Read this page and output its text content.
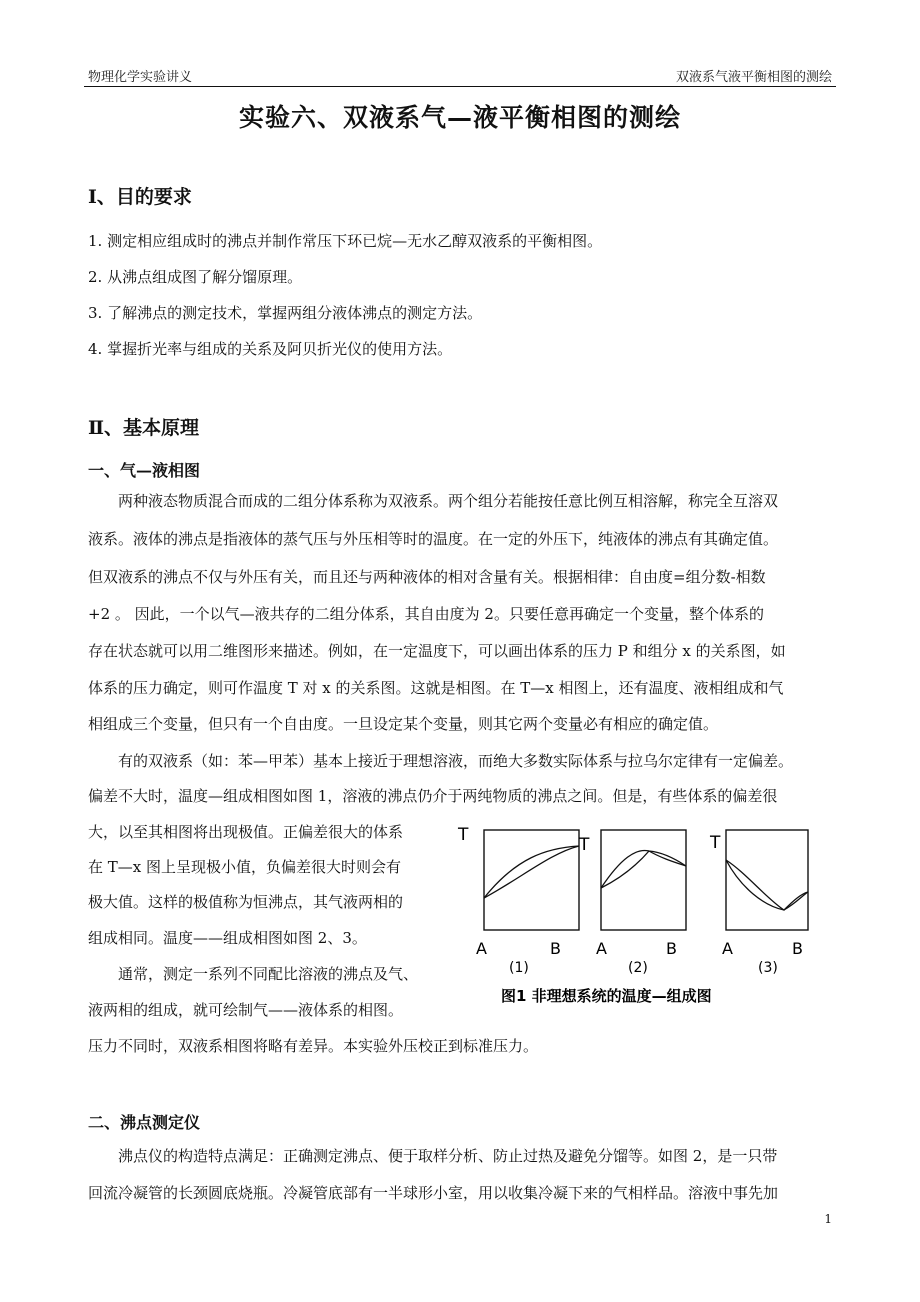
物理化学实验讲义	双液系气液平衡相图的测绘
实验六、双液系气—液平衡相图的测绘
Ⅰ、目的要求
1. 测定相应组成时的沸点并制作常压下环已烷—无水乙醇双液系的平衡相图。
2. 从沸点组成图了解分馏原理。
3. 了解沸点的测定技术，掌握两组分液体沸点的测定方法。
4. 掌握折光率与组成的关系及阿贝折光仪的使用方法。
Ⅱ、基本原理
一、气—液相图
两种液态物质混合而成的二组分体系称为双液系。两个组分若能按任意比例互相溶解，称完全互溶双
液系。液体的沸点是指液体的蒸气压与外压相等时的温度。在一定的外压下，纯液体的沸点有其确定值。
但双液系的沸点不仅与外压有关，而且还与两种液体的相对含量有关。根据相律：自由度=组分数-相数
+2 。 因此，一个以气—液共存的二组分体系，其自由度为 2。只要任意再确定一个变量，整个体系的
存在状态就可以用二维图形来描述。例如，在一定温度下，可以画出体系的压力 P 和组分 x 的关系图，如
体系的压力确定，则可作温度 T 对 x 的关系图。这就是相图。在 T—x 相图上，还有温度、液相组成和气
相组成三个变量，但只有一个自由度。一旦设定某个变量，则其它两个变量必有相应的确定值。
有的双液系（如：苯—甲苯）基本上接近于理想溶液，而绝大多数实际体系与拉乌尔定律有一定偏差。
偏差不大时，温度—组成相图如图 1，溶液的沸点仍介于两纯物质的沸点之间。但是，有些体系的偏差很
大，以至其相图将出现极值。正偏差很大的体系
在 T—x 图上呈现极小值，负偏差很大时则会有
极大值。这样的极值称为恒沸点，其气液两相的
组成相同。温度——组成相图如图 2、3。
通常，测定一系列不同配比溶液的沸点及气、
液两相的组成，就可绘制气——液体系的相图。
压力不同时，双液系相图将略有差异。本实验外压校正到标准压力。
T
A	B
(1)
T
A	B
(2)
T
A	B
(3)
图1 非理想系统的温度—组成图
二、沸点测定仪
沸点仪的构造特点满足：正确测定沸点、便于取样分析、防止过热及避免分馏等。如图 2，是一只带
回流冷凝管的长颈圆底烧瓶。冷凝管底部有一半球形小室，用以收集冷凝下来的气相样品。溶液中事先加
1
